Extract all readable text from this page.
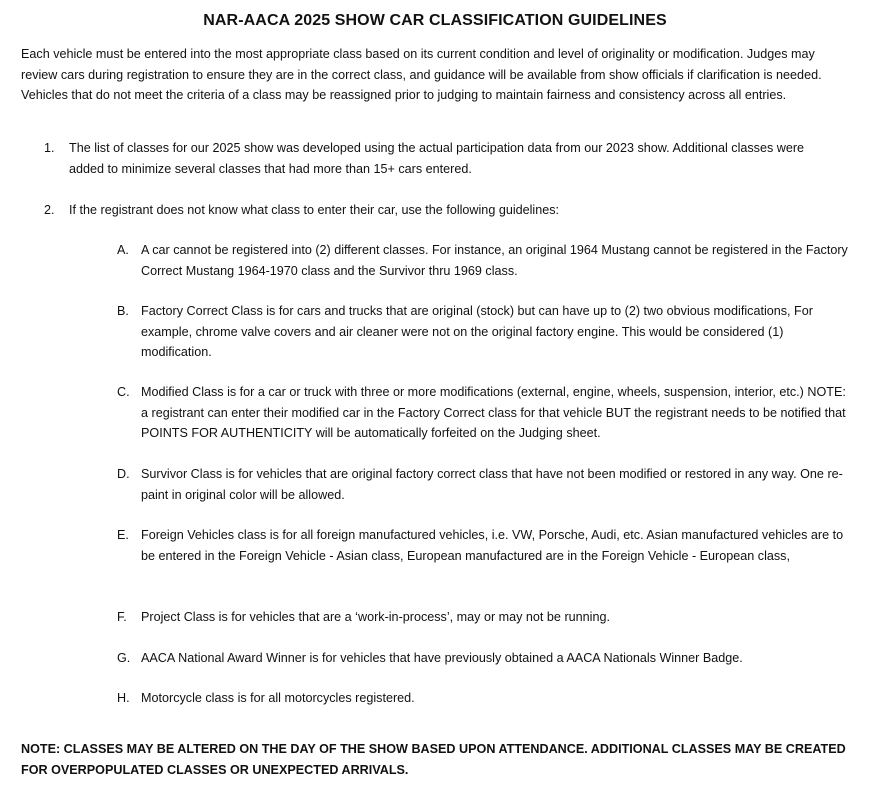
NAR-AACA 2025 SHOW CAR CLASSIFICATION GUIDELINES

Each vehicle must be entered into the most appropriate class based on its current condition and level of originality or modification. Judges may review cars during registration to ensure they are in the correct class, and guidance will be available from show officials if clarification is needed. Vehicles that do not meet the criteria of a class may be reassigned prior to judging to maintain fairness and consistency across all entries.

1.	The list of classes for our 2025 show was developed using the actual participation data from our 2023 show. Additional classes were added to minimize several classes that had more than 15+ cars entered.
2.	If the registrant does not know what class to enter their car, use the following guidelines:
A. A car cannot be registered into (2) different classes. For instance, an original 1964 Mustang cannot be registered in the Factory Correct Mustang 1964-1970 class and the Survivor thru 1969 class.
B. Factory Correct Class is for cars and trucks that are original (stock) but can have up to (2) two obvious modifications, For example, chrome valve covers and air cleaner were not on the original factory engine. This would be considered (1) modification.
C. Modified Class is for a car or truck with three or more modifications (external, engine, wheels, suspension, interior, etc.) NOTE: a registrant can enter their modified car in the Factory Correct class for that vehicle BUT the registrant needs to be notified that POINTS FOR AUTHENTICITY will be automatically forfeited on the Judging sheet.
D. Survivor Class is for vehicles that are original factory correct class that have not been modified or restored in any way. One re-paint in original color will be allowed.
E. Foreign Vehicles class is for all foreign manufactured vehicles, i.e. VW, Porsche, Audi, etc. Asian manufactured vehicles are to be entered in the Foreign Vehicle - Asian class, European manufactured are in the Foreign Vehicle - European class,
F.	Project Class is for vehicles that are a ‘work-in-process’, may or may not be running.
G. AACA National Award Winner is for vehicles that have previously obtained a AACA Nationals Winner Badge.
H. Motorcycle class is for all motorcycles registered.

NOTE: CLASSES MAY BE ALTERED ON THE DAY OF THE SHOW BASED UPON ATTENDANCE. ADDITIONAL CLASSES MAY BE CREATED FOR OVERPOPULATED CLASSES OR UNEXPECTED ARRIVALS.
